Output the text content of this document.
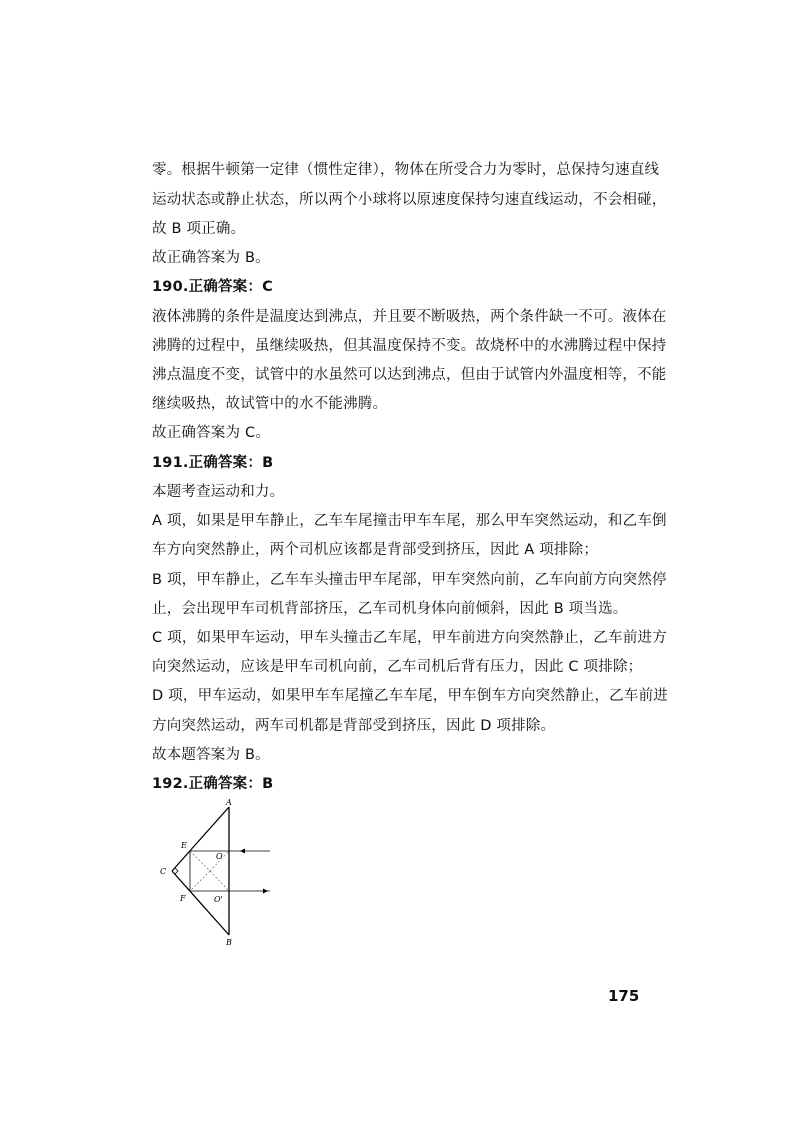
零。根据牛顿第一定律（惯性定律），物体在所受合力为零时，总保持匀速直线
运动状态或静止状态，所以两个小球将以原速度保持匀速直线运动，不会相碰，
故 B 项正确。
故正确答案为 B。
190.正确答案：C
液体沸腾的条件是温度达到沸点，并且要不断吸热，两个条件缺一不可。液体在
沸腾的过程中，虽继续吸热，但其温度保持不变。故烧杯中的水沸腾过程中保持
沸点温度不变，试管中的水虽然可以达到沸点，但由于试管内外温度相等，不能
继续吸热，故试管中的水不能沸腾。
故正确答案为 C。
191.正确答案：B
本题考查运动和力。
A 项，如果是甲车静止，乙车车尾撞击甲车车尾，那么甲车突然运动，和乙车倒
车方向突然静止，两个司机应该都是背部受到挤压，因此 A 项排除；
B 项，甲车静止，乙车车头撞击甲车尾部，甲车突然向前，乙车向前方向突然停
止，会出现甲车司机背部挤压，乙车司机身体向前倾斜，因此 B 项当选。
C 项，如果甲车运动，甲车头撞击乙车尾，甲车前进方向突然静止，乙车前进方
向突然运动，应该是甲车司机向前，乙车司机后背有压力，因此 C 项排除；
D 项，甲车运动，如果甲车车尾撞乙车车尾，甲车倒车方向突然静止，乙车前进
方向突然运动，两车司机都是背部受到挤压，因此 D 项排除。
故本题答案为 B。
192.正确答案：B
A
B
C
E
F
O
O'
175
